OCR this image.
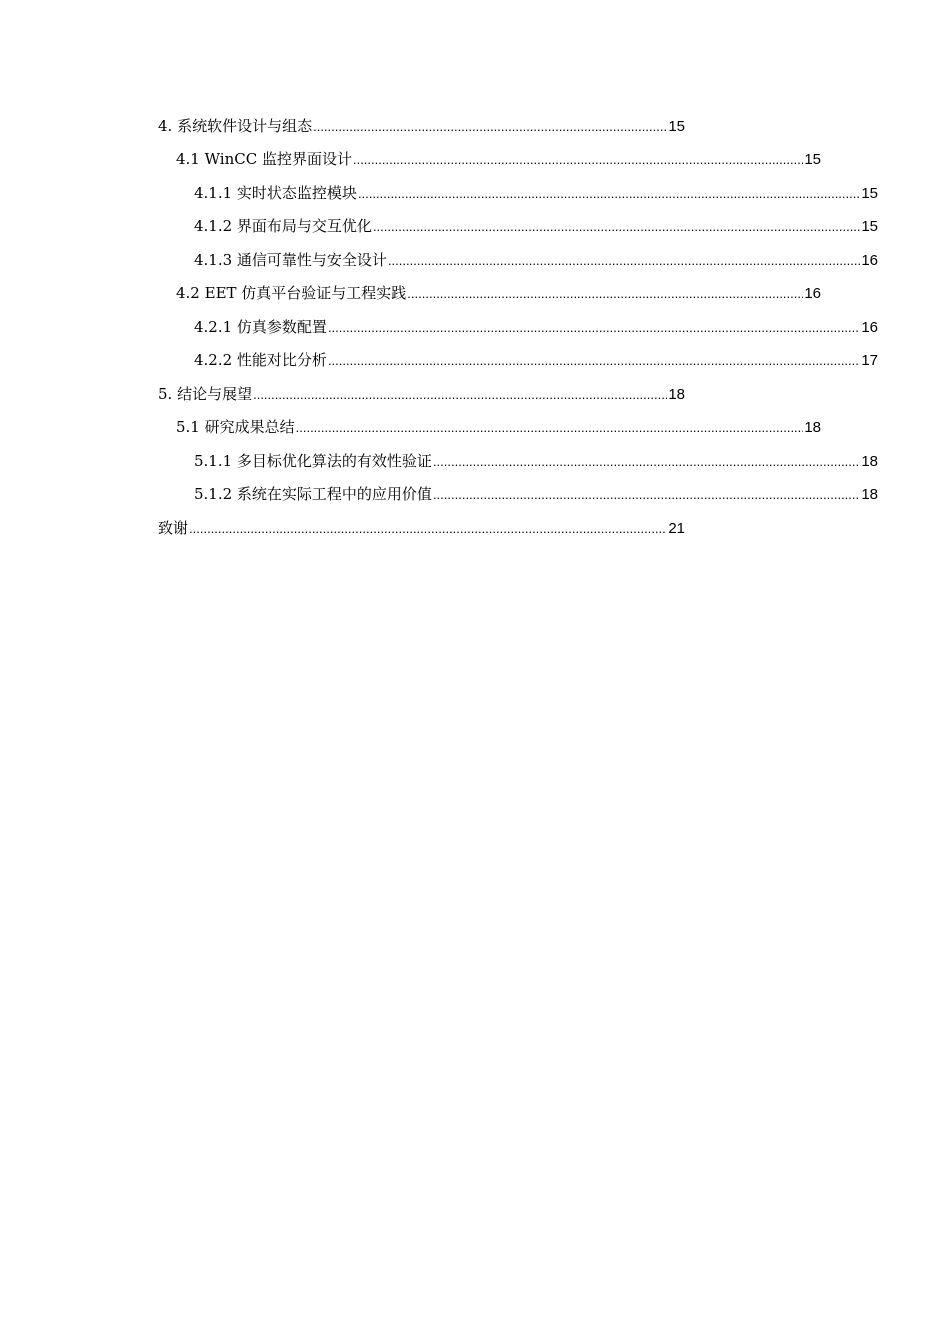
4. 系统软件设计与组态 .....	15
4.1 WinCC 监控界面设计 .....	15
4.1.1 实时状态监控模块 .....	15
4.1.2 界面布局与交互优化 .....	15
4.1.3 通信可靠性与安全设计 .....	16
4.2 EET 仿真平台验证与工程实践 .....	16
4.2.1 仿真参数配置 .....	16
4.2.2 性能对比分析 .....	17
5. 结论与展望 .....	18
5.1 研究成果总结 .....	18
5.1.1 多目标优化算法的有效性验证 .....	18
5.1.2 系统在实际工程中的应用价值 .....	18
致谢 .....	21
